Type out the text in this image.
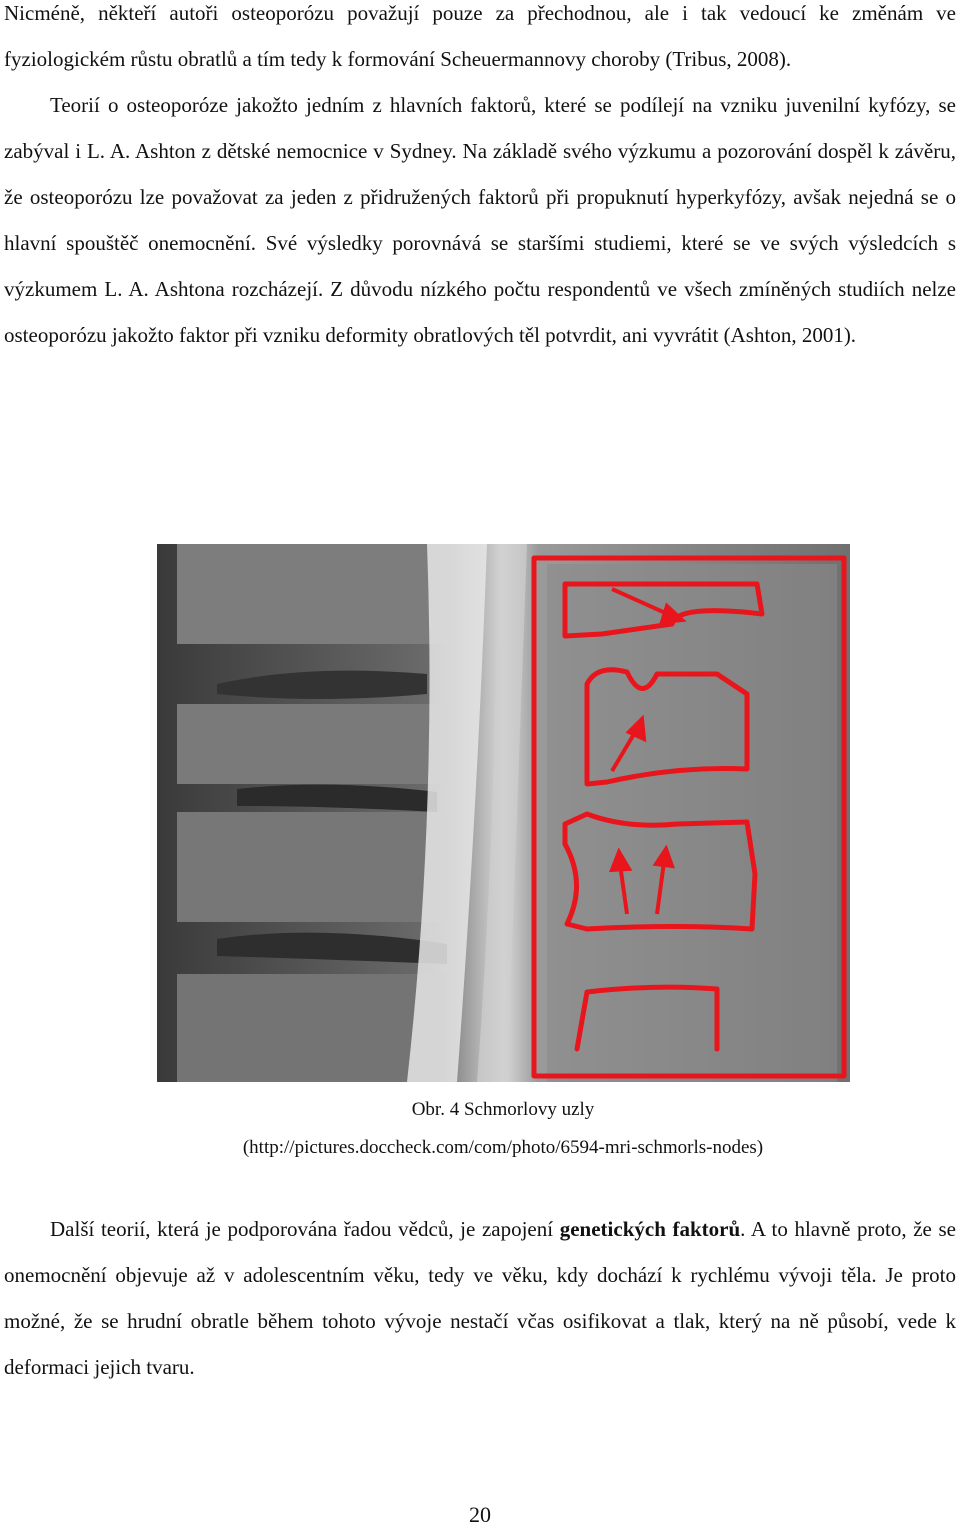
Nicméně, někteří autoři osteoporózu považují pouze za přechodnou, ale i tak vedoucí ke změnám ve fyziologickém růstu obratlů a tím tedy k formování Scheuermannovy choroby (Tribus, 2008).
Teorií o osteoporóze jakožto jedním z hlavních faktorů, které se podílejí na vzniku juvenilní kyfózy, se zabýval i L. A. Ashton z dětské nemocnice v Sydney. Na základě svého výzkumu a pozorování dospěl k závěru, že osteoporózu lze považovat za jeden z přidružených faktorů při propuknutí hyperkyfózy, avšak nejedná se o hlavní spouštěč onemocnění. Své výsledky porovnává se staršími studiemi, které se ve svých výsledcích s výzkumem L. A. Ashtona rozcházejí. Z důvodu nízkého počtu respondentů ve všech zmíněných studiích nelze osteoporózu jakožto faktor při vzniku deformity obratlových těl potvrdit, ani vyvrátit (Ashton, 2001).
Obr. 4 Schmorlovy uzly
(http://pictures.doccheck.com/com/photo/6594-mri-schmorls-nodes)
Další teorií, která je podporována řadou vědců, je zapojení genetických faktorů. A to hlavně proto, že se onemocnění objevuje až v adolescentním věku, tedy ve věku, kdy dochází k rychlému vývoji těla. Je proto možné, že se hrudní obratle během tohoto vývoje nestačí včas osifikovat a tlak, který na ně působí, vede k deformaci jejich tvaru.
20
